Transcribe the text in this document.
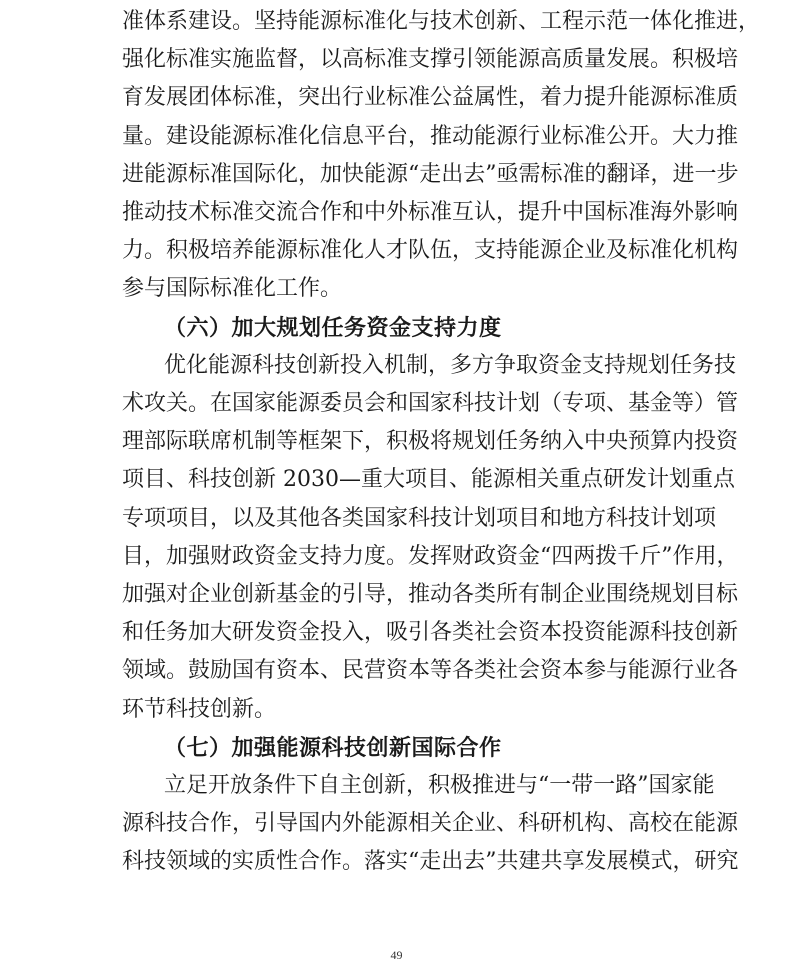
准体系建设。坚持能源标准化与技术创新、工程示范一体化推进，
强化标准实施监督，以高标准支撑引领能源高质量发展。积极培
育发展团体标准，突出行业标准公益属性，着力提升能源标准质
量。建设能源标准化信息平台，推动能源行业标准公开。大力推
进能源标准国际化，加快能源“走出去”亟需标准的翻译，进一步
推动技术标准交流合作和中外标准互认，提升中国标准海外影响
力。积极培养能源标准化人才队伍，支持能源企业及标准化机构
参与国际标准化工作。
（六）加大规划任务资金支持力度
优化能源科技创新投入机制，多方争取资金支持规划任务技
术攻关。在国家能源委员会和国家科技计划（专项、基金等）管
理部际联席机制等框架下，积极将规划任务纳入中央预算内投资
项目、科技创新 2030—重大项目、能源相关重点研发计划重点
专项项目，以及其他各类国家科技计划项目和地方科技计划项
目，加强财政资金支持力度。发挥财政资金“四两拨千斤”作用，
加强对企业创新基金的引导，推动各类所有制企业围绕规划目标
和任务加大研发资金投入，吸引各类社会资本投资能源科技创新
领域。鼓励国有资本、民营资本等各类社会资本参与能源行业各
环节科技创新。
（七）加强能源科技创新国际合作
立足开放条件下自主创新，积极推进与“一带一路”国家能
源科技合作，引导国内外能源相关企业、科研机构、高校在能源
科技领域的实质性合作。落实“走出去”共建共享发展模式，研究
49
